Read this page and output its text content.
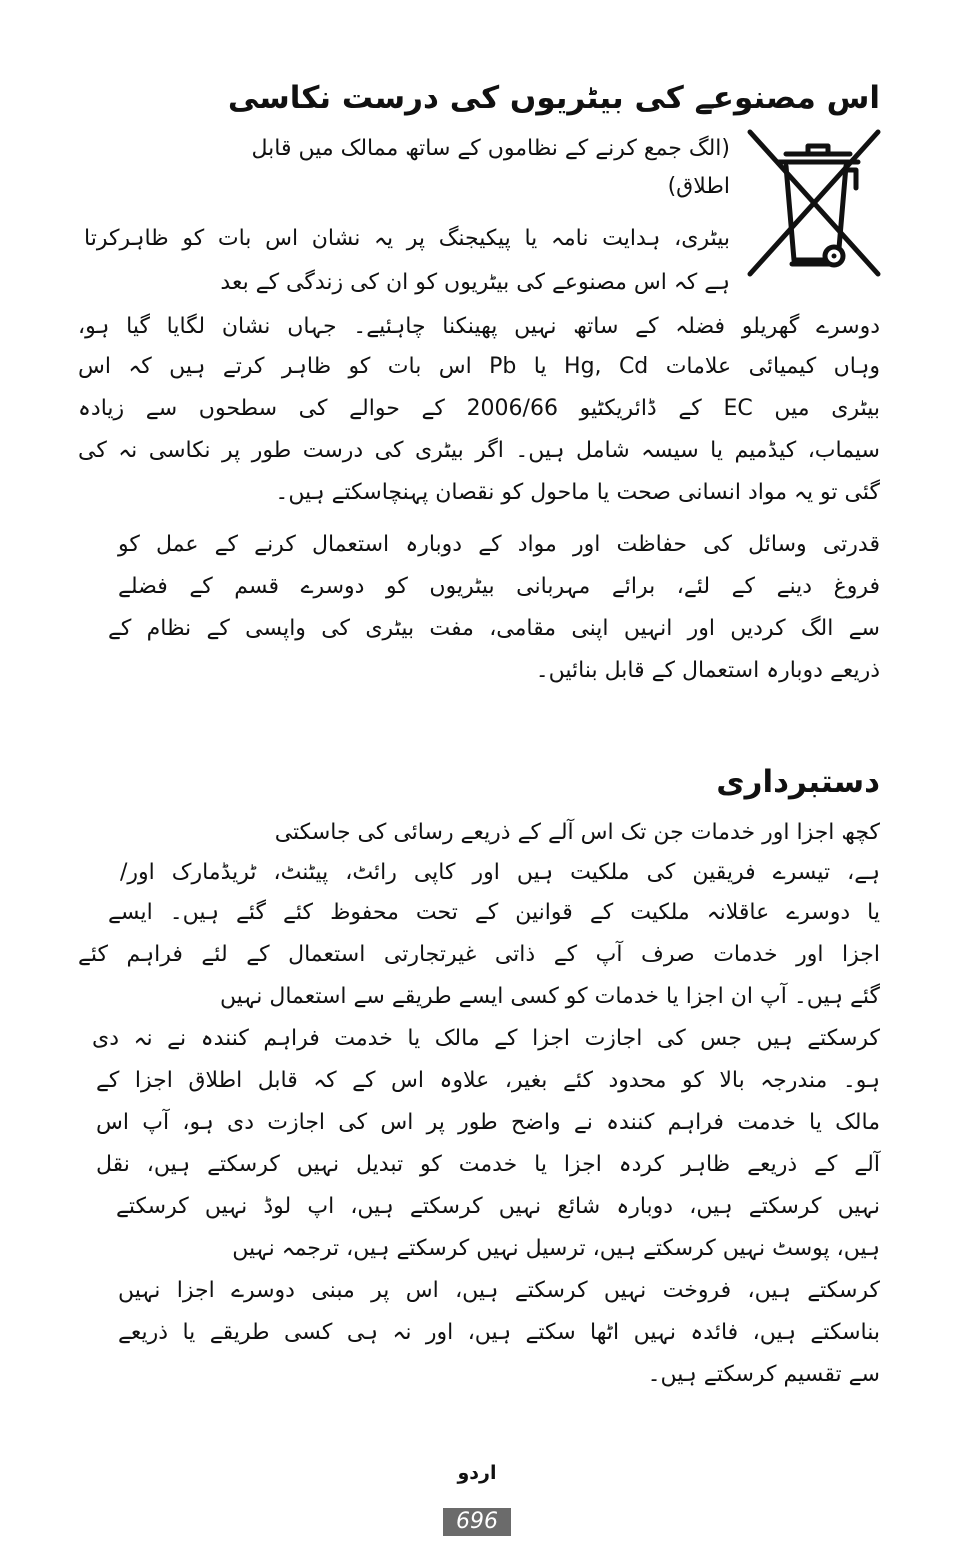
اس مصنوعے کی بیٹریوں کی درست نکاسی
(الگ جمع کرنے کے نظاموں کے ساتھ ممالک میں قابل
اطلاق)
بیٹری، ہدایت نامہ یا پیکیجنگ پر یہ نشان اس بات کو ظاہرکرتا
ہے کہ اس مصنوعے کی بیٹریوں کو ان کی زندگی کے بعد
دوسرے گھریلو فضلہ کے ساتھ نہیں پھینکنا چاہئیے۔ جہاں نشان لگایا گیا ہو،
وہاں کیمیائی علامات Hg, Cd یا Pb اس بات کو ظاہر کرتے ہیں کہ اس
بیٹری میں EC کے ڈائریکٹیو 2006/66 کے حوالے کی سطحوں سے زیادہ
سیماب، کیڈمیم یا سیسہ شامل ہیں۔ اگر بیٹری کی درست طور پر نکاسی نہ کی
گئی تو یہ مواد انسانی صحت یا ماحول کو نقصان پہنچاسکتے ہیں۔
قدرتی وسائل کی حفاظت اور مواد کے دوبارہ استعمال کرنے کے عمل کو
فروغ دینے کے لئے، برائے مہربانی بیٹریوں کو دوسرے قسم کے فضلے
سے الگ کردیں اور انہیں اپنی مقامی، مفت بیٹری کی واپسی کے نظام کے
ذریعے دوبارہ استعمال کے قابل بنائیں۔
دستبرداری
کچھ اجزا اور خدمات جن تک اس آلے کے ذریعے رسائی کی جاسکتی
ہے، تیسرے فریقین کی ملکیت ہیں اور کاپی رائٹ، پیٹنٹ، ٹریڈمارک اور/
یا دوسرے عاقلانہ ملکیت کے قوانین کے تحت محفوظ کئے گئے ہیں۔ ایسے
اجزا اور خدمات صرف آپ کے ذاتی غیرتجارتی استعمال کے لئے فراہم کئے
گئے ہیں۔ آپ ان اجزا یا خدمات کو کسی ایسے طریقے سے استعمال نہیں
کرسکتے ہیں جس کی اجازت اجزا کے مالک یا خدمت فراہم کنندہ نے نہ دی
ہو۔ مندرجہ بالا کو محدود کئے بغیر، علاوہ اس کے کہ قابل اطلاق اجزا کے
مالک یا خدمت فراہم کنندہ نے واضح طور پر اس کی اجازت دی ہو، آپ اس
آلے کے ذریعے ظاہر کردہ اجزا یا خدمت کو تبدیل نہیں کرسکتے ہیں، نقل
نہیں کرسکتے ہیں، دوبارہ شائع نہیں کرسکتے ہیں، اپ لوڈ نہیں کرسکتے
ہیں، پوسٹ نہیں کرسکتے ہیں، ترسیل نہیں کرسکتے ہیں، ترجمہ نہیں
کرسکتے ہیں، فروخت نہیں کرسکتے ہیں، اس پر مبنی دوسرے اجزا نہیں
بناسکتے ہیں، فائدہ نہیں اٹھا سکتے ہیں، اور نہ ہی کسی طریقے یا ذریعے
سے تقسیم کرسکتے ہیں۔
اردو
696
